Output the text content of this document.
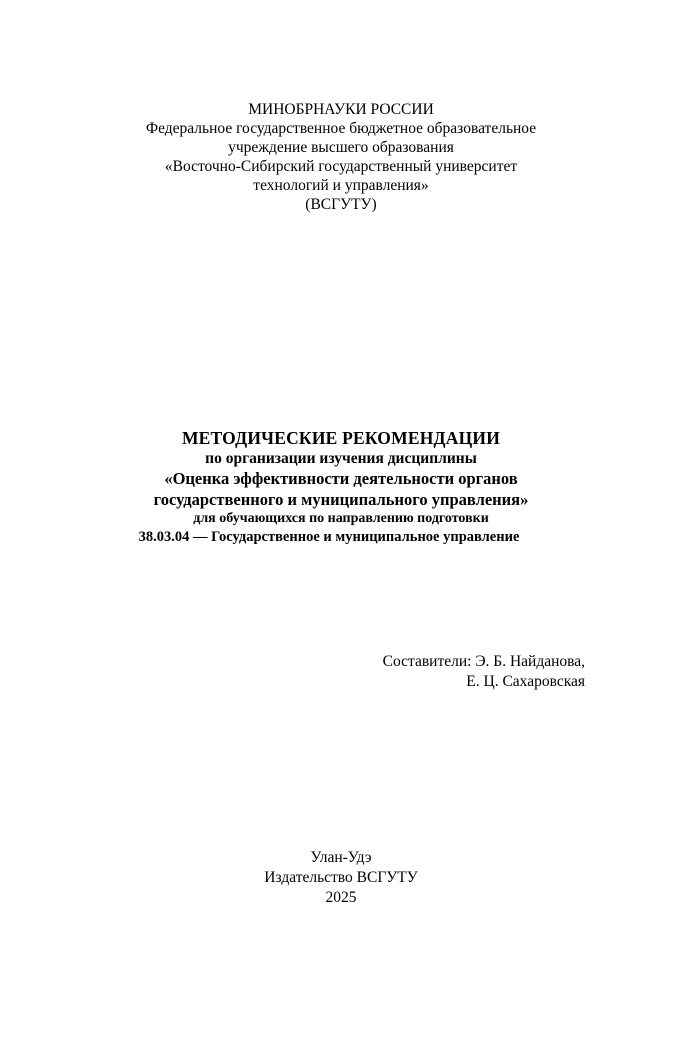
МИНОБРНАУКИ РОССИИ
Федеральное государственное бюджетное образовательное
учреждение высшего образования
«Восточно-Сибирский государственный университет
технологий и управления»
(ВСГУТУ)
МЕТОДИЧЕСКИЕ РЕКОМЕНДАЦИИ
по организации изучения дисциплины
«Оценка эффективности деятельности органов
государственного и муниципального управления»
для обучающихся по направлению подготовки
38.03.04 — Государственное и муниципальное управление
Составители: Э. Б. Найданова,
Е. Ц. Сахаровская
Улан-Удэ
Издательство ВСГУТУ
2025
